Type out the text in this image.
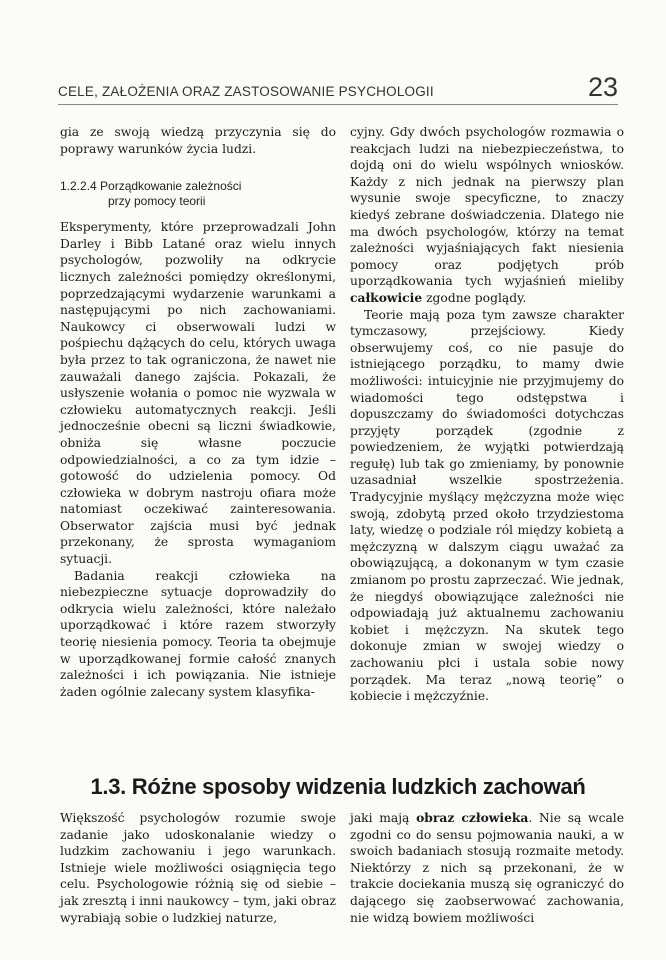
CELE, ZAŁOŻENIA ORAZ ZASTOSOWANIE PSYCHOLOGII	23

gia ze swoją wiedzą przyczynia się do poprawy warunków życia ludzi.

1.2.2.4 Porządkowanie zależności
przy pomocy teorii

Eksperymenty, które przeprowadzali John Darley i Bibb Latané oraz wielu innych psychologów, pozwoliły na odkrycie licznych zależności pomiędzy określonymi, poprzedzającymi wydarzenie warunkami a następującymi po nich zachowaniami. Naukowcy ci obserwowali ludzi w pośpiechu dążących do celu, których uwaga była przez to tak ograniczona, że nawet nie zauważali danego zajścia. Pokazali, że usłyszenie wołania o pomoc nie wyzwala w człowieku automatycznych reakcji. Jeśli jednocześnie obecni są liczni świadkowie, obniża się własne poczucie odpowiedzialności, a co za tym idzie – gotowość do udzielenia pomocy. Od człowieka w dobrym nastroju ofiara może natomiast oczekiwać zainteresowania. Obserwator zajścia musi być jednak przekonany, że sprosta wymaganiom sytuacji.

Badania reakcji człowieka na niebezpieczne sytuacje doprowadziły do odkrycia wielu zależności, które należało uporządkować i które razem stworzyły teorię niesienia pomocy. Teoria ta obejmuje w uporządkowanej formie całość znanych zależności i ich powiązania. Nie istnieje żaden ogólnie zalecany system klasyfika-

cyjny. Gdy dwóch psychologów rozmawia o reakcjach ludzi na niebezpieczeństwa, to dojdą oni do wielu wspólnych wniosków. Każdy z nich jednak na pierwszy plan wysunie swoje specyficzne, to znaczy kiedyś zebrane doświadczenia. Dlatego nie ma dwóch psychologów, którzy na temat zależności wyjaśniających fakt niesienia pomocy oraz podjętych prób uporządkowania tych wyjaśnień mieliby całkowicie zgodne poglądy.

Teorie mają poza tym zawsze charakter tymczasowy, przejściowy. Kiedy obserwujemy coś, co nie pasuje do istniejącego porządku, to mamy dwie możliwości: intuicyjnie nie przyjmujemy do wiadomości tego odstępstwa i dopuszczamy do świadomości dotychczas przyjęty porządek (zgodnie z powiedzeniem, że wyjątki potwierdzają regułę) lub tak go zmieniamy, by ponownie uzasadniał wszelkie spostrzeżenia. Tradycyjnie myślący mężczyzna może więc swoją, zdobytą przed około trzydziestoma laty, wiedzę o podziale ról między kobietą a mężczyzną w dalszym ciągu uważać za obowiązującą, a dokonanym w tym czasie zmianom po prostu zaprzeczać. Wie jednak, że niegdyś obowiązujące zależności nie odpowiadają już aktualnemu zachowaniu kobiet i mężczyzn. Na skutek tego dokonuje zmian w swojej wiedzy o zachowaniu płci i ustala sobie nowy porządek. Ma teraz „nową teorię” o kobiecie i mężczyźnie.

1.3. Różne sposoby widzenia ludzkich zachowań

Większość psychologów rozumie swoje zadanie jako udoskonalanie wiedzy o ludzkim zachowaniu i jego warunkach. Istnieje wiele możliwości osiągnięcia tego celu. Psychologowie różnią się od siebie – jak zresztą i inni naukowcy – tym, jaki obraz wyrabiają sobie o ludzkiej naturze,

jaki mają obraz człowieka. Nie są wcale zgodni co do sensu pojmowania nauki, a w swoich badaniach stosują rozmaite metody. Niektórzy z nich są przekonani, że w trakcie dociekania muszą się ograniczyć do dającego się zaobserwować zachowania, nie widzą bowiem możliwości
